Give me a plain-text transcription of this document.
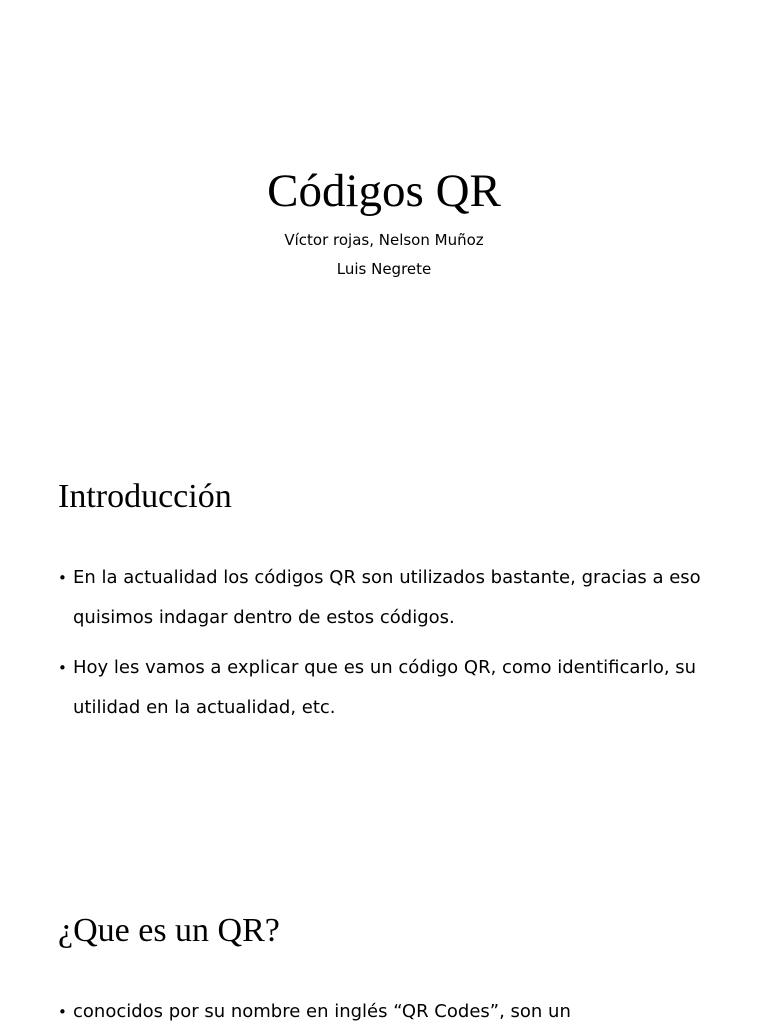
Códigos QR

Víctor rojas, Nelson Muñoz

Luis Negrete

Introducción
• En la actualidad los códigos QR son utilizados bastante, gracias a eso quisimos indagar dentro de estos códigos.
• Hoy les vamos a explicar que es un código QR, como identificarlo, su utilidad en la actualidad, etc.
¿Que es un QR?
• conocidos por su nombre en inglés “QR Codes”, son un
